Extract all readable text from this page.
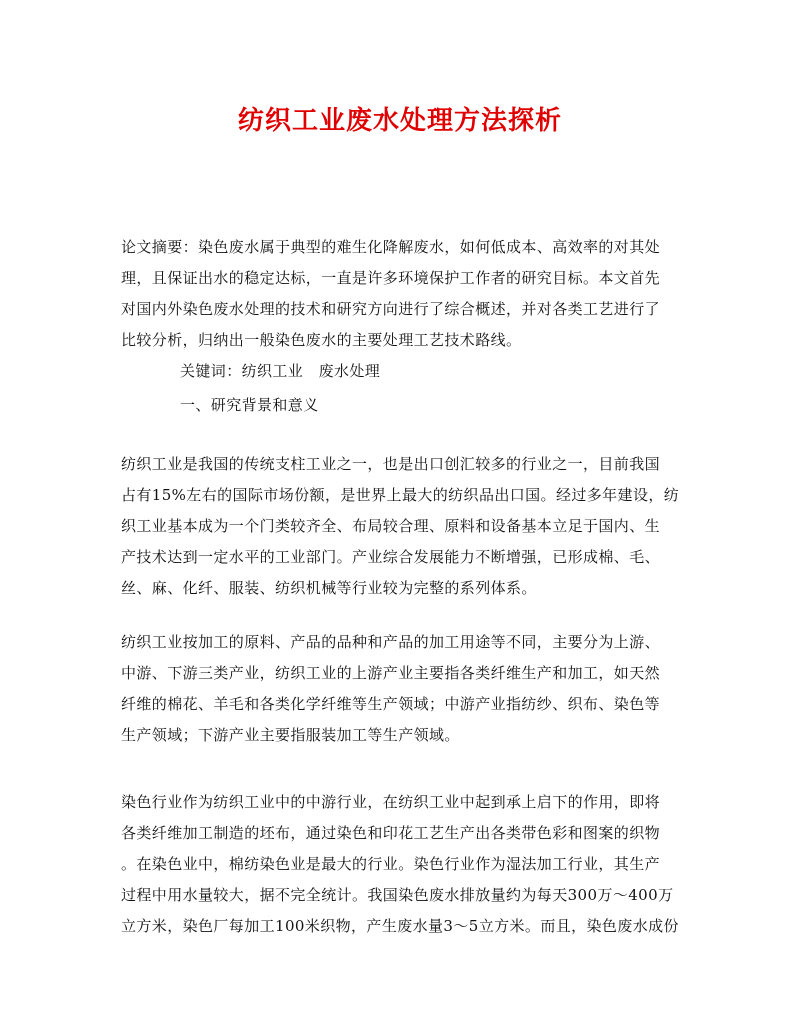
纺织工业废水处理方法探析
论文摘要：染色废水属于典型的难生化降解废水，如何低成本、高效率的对其处
理，且保证出水的稳定达标，一直是许多环境保护工作者的研究目标。本文首先
对国内外染色废水处理的技术和研究方向进行了综合概述，并对各类工艺进行了
比较分析，归纳出一般染色废水的主要处理工艺技术路线。
关键词：纺织工业　废水处理
一、研究背景和意义
纺织工业是我国的传统支柱工业之一，也是出口创汇较多的行业之一，目前我国
占有15%左右的国际市场份额，是世界上最大的纺织品出口国。经过多年建设，纺
织工业基本成为一个门类较齐全、布局较合理、原料和设备基本立足于国内、生
产技术达到一定水平的工业部门。产业综合发展能力不断增强，已形成棉、毛、
丝、麻、化纤、服装、纺织机械等行业较为完整的系列体系。
纺织工业按加工的原料、产品的品种和产品的加工用途等不同，主要分为上游、
中游、下游三类产业，纺织工业的上游产业主要指各类纤维生产和加工，如天然
纤维的棉花、羊毛和各类化学纤维等生产领域；中游产业指纺纱、织布、染色等
生产领域；下游产业主要指服装加工等生产领域。
染色行业作为纺织工业中的中游行业，在纺织工业中起到承上启下的作用，即将
各类纤维加工制造的坯布，通过染色和印花工艺生产出各类带色彩和图案的织物
。在染色业中，棉纺染色业是最大的行业。染色行业作为湿法加工行业，其生产
过程中用水量较大，据不完全统计。我国染色废水排放量约为每天300万～400万
立方米，染色厂每加工100米织物，产生废水量3～5立方米。而且，染色废水成份
